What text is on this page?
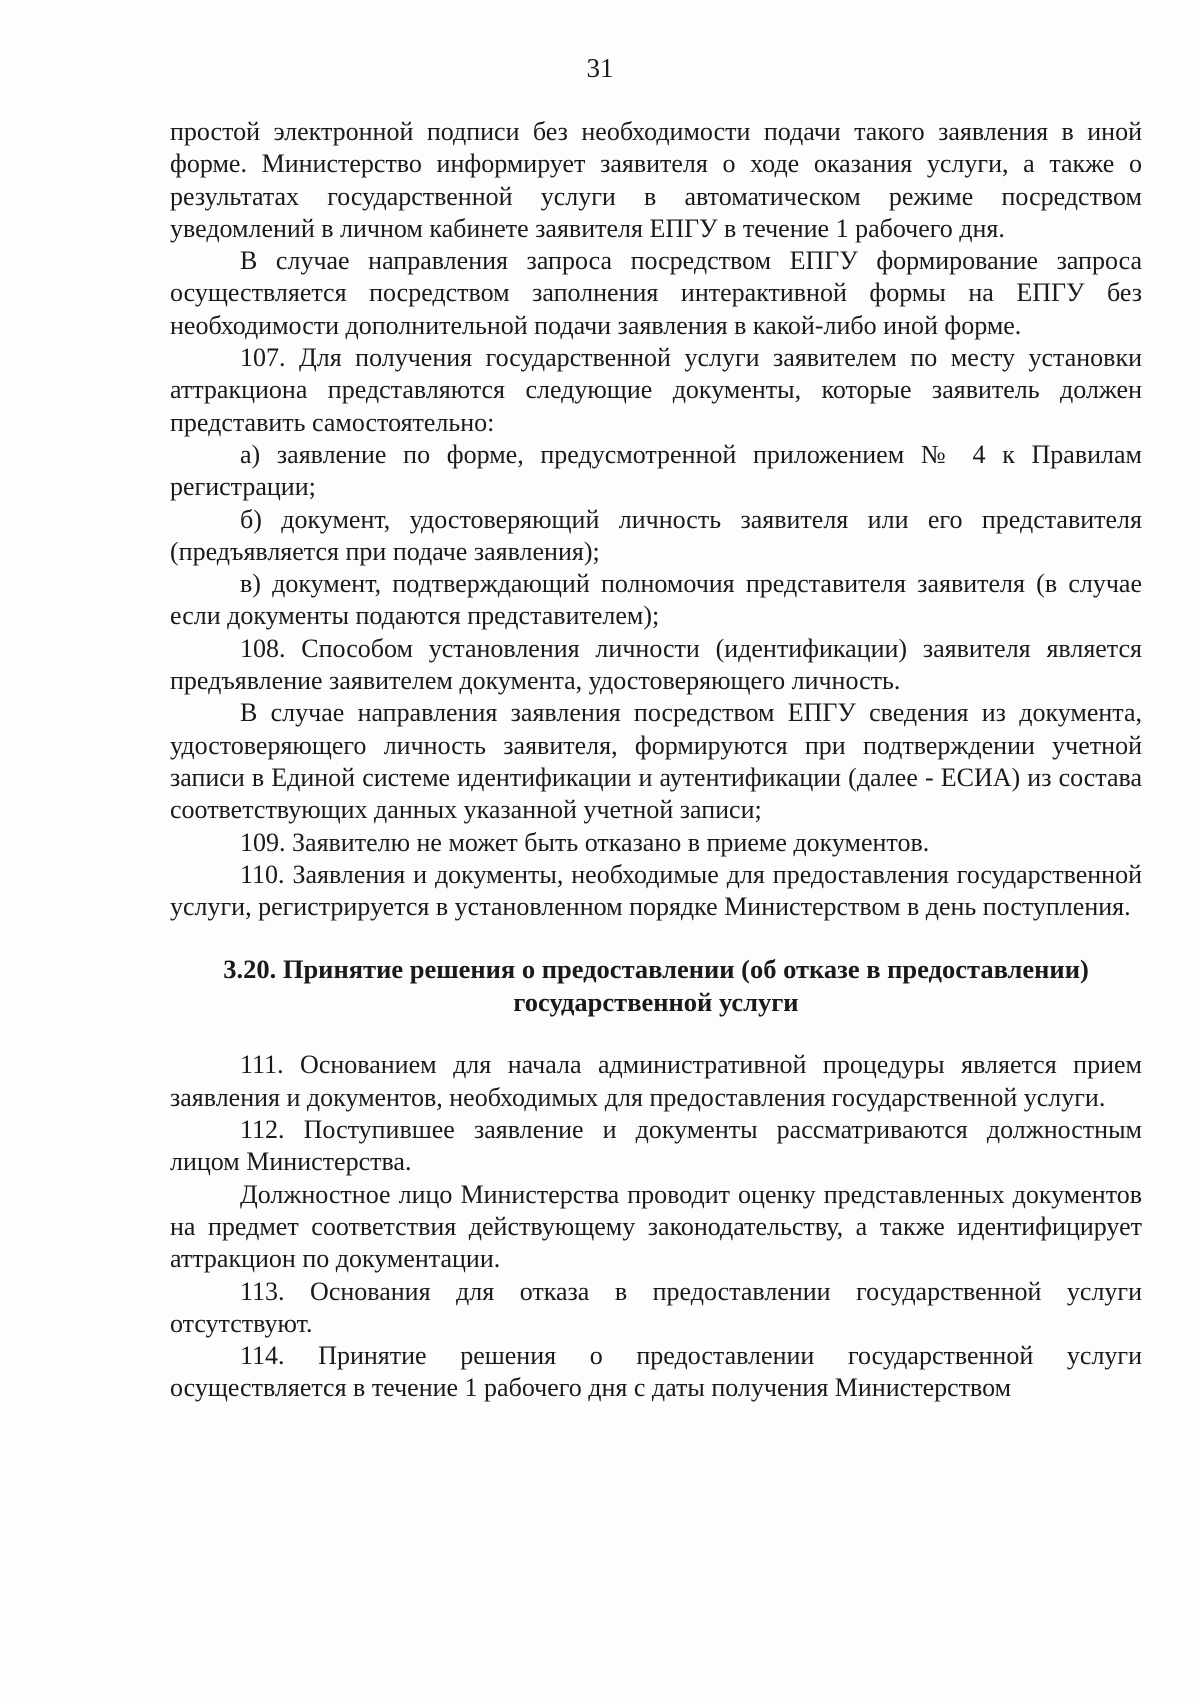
31

простой электронной подписи без необходимости подачи такого заявления в иной форме. Министерство информирует заявителя о ходе оказания услуги, а также о результатах государственной услуги в автоматическом режиме посредством уведомлений в личном кабинете заявителя ЕПГУ в течение 1 рабочего дня.

В случае направления запроса посредством ЕПГУ формирование запроса осуществляется посредством заполнения интерактивной формы на ЕПГУ без необходимости дополнительной подачи заявления в какой-либо иной форме.

107. Для получения государственной услуги заявителем по месту установки аттракциона представляются следующие документы, которые заявитель должен представить самостоятельно:

а) заявление по форме, предусмотренной приложением № 4 к Правилам регистрации;

б) документ, удостоверяющий личность заявителя или его представителя (предъявляется при подаче заявления);

в) документ, подтверждающий полномочия представителя заявителя (в случае если документы подаются представителем);

108. Способом установления личности (идентификации) заявителя является предъявление заявителем документа, удостоверяющего личность.

В случае направления заявления посредством ЕПГУ сведения из документа, удостоверяющего личность заявителя, формируются при подтверждении учетной записи в Единой системе идентификации и аутентификации (далее - ЕСИА) из состава соответствующих данных указанной учетной записи;

109. Заявителю не может быть отказано в приеме документов.

110. Заявления и документы, необходимые для предоставления государственной услуги, регистрируется в установленном порядке Министерством в день поступления.

3.20. Принятие решения о предоставлении (об отказе в предоставлении)
государственной услуги

111. Основанием для начала административной процедуры является прием заявления и документов, необходимых для предоставления государственной услуги.

112. Поступившее заявление и документы рассматриваются должностным лицом Министерства.

Должностное лицо Министерства проводит оценку представленных документов на предмет соответствия действующему законодательству, а также идентифицирует аттракцион по документации.

113. Основания для отказа в предоставлении государственной услуги отсутствуют.

114. Принятие решения о предоставлении государственной услуги осуществляется в течение 1 рабочего дня с даты получения Министерством
